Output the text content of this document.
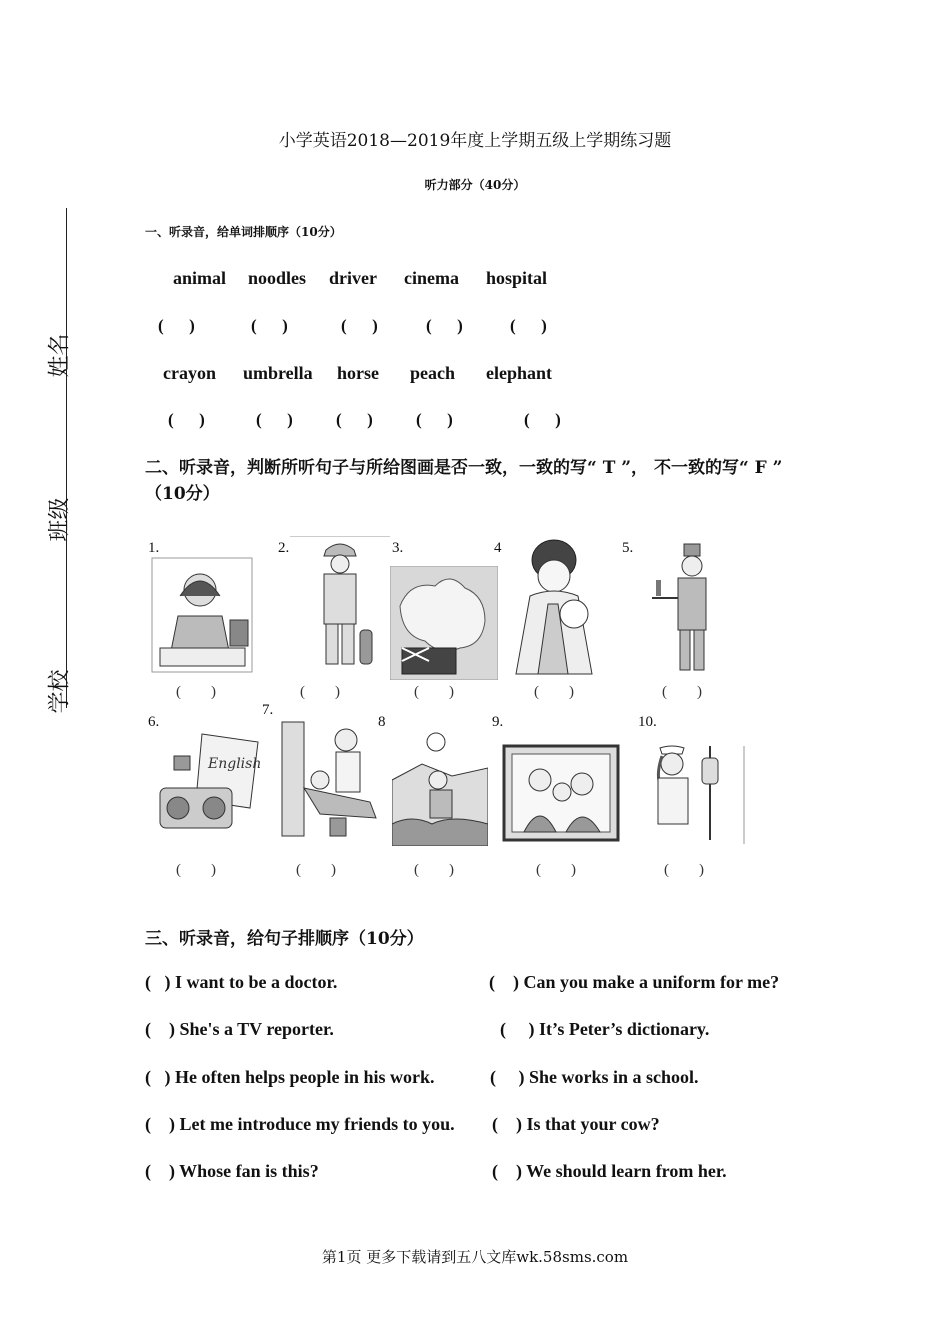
姓名
班级
学校
小学英语2018—2019年度上学期五级上学期练习题
听力部分（40分）
一、听录音，给单词排顺序（10分）
animal noodles driver cinema hospital
(      )	(      )	(      )	(      )	(      )
crayon umbrella horse peach elephant
(      )	(      )	(      )	(      )	(      )
二、听录音，判断所听句子与所给图画是否一致，一致的写“ T ”， 不一致的写“ F ” （10分）
1.
(        )
2.
(        )
3.
(        )
4
(        )
5.
(        )
6.
English
(        )
7.
(        )
8
(        )
9.
(        )
10.
(        )
三、听录音，给句子排顺序（10分）
(   ) I want to be a doctor.
(    ) She's a TV reporter.
(   ) He often helps people in his work.
(    ) Let me introduce my friends to you.
(    ) Whose fan is this?
(    ) Can you make a uniform for me?
(     ) It’s Peter’s dictionary.
(     ) She works in a school.
(    ) Is that your cow?
(    ) We should learn from her.
第1页 更多下载请到五八文库wk.58sms.com
